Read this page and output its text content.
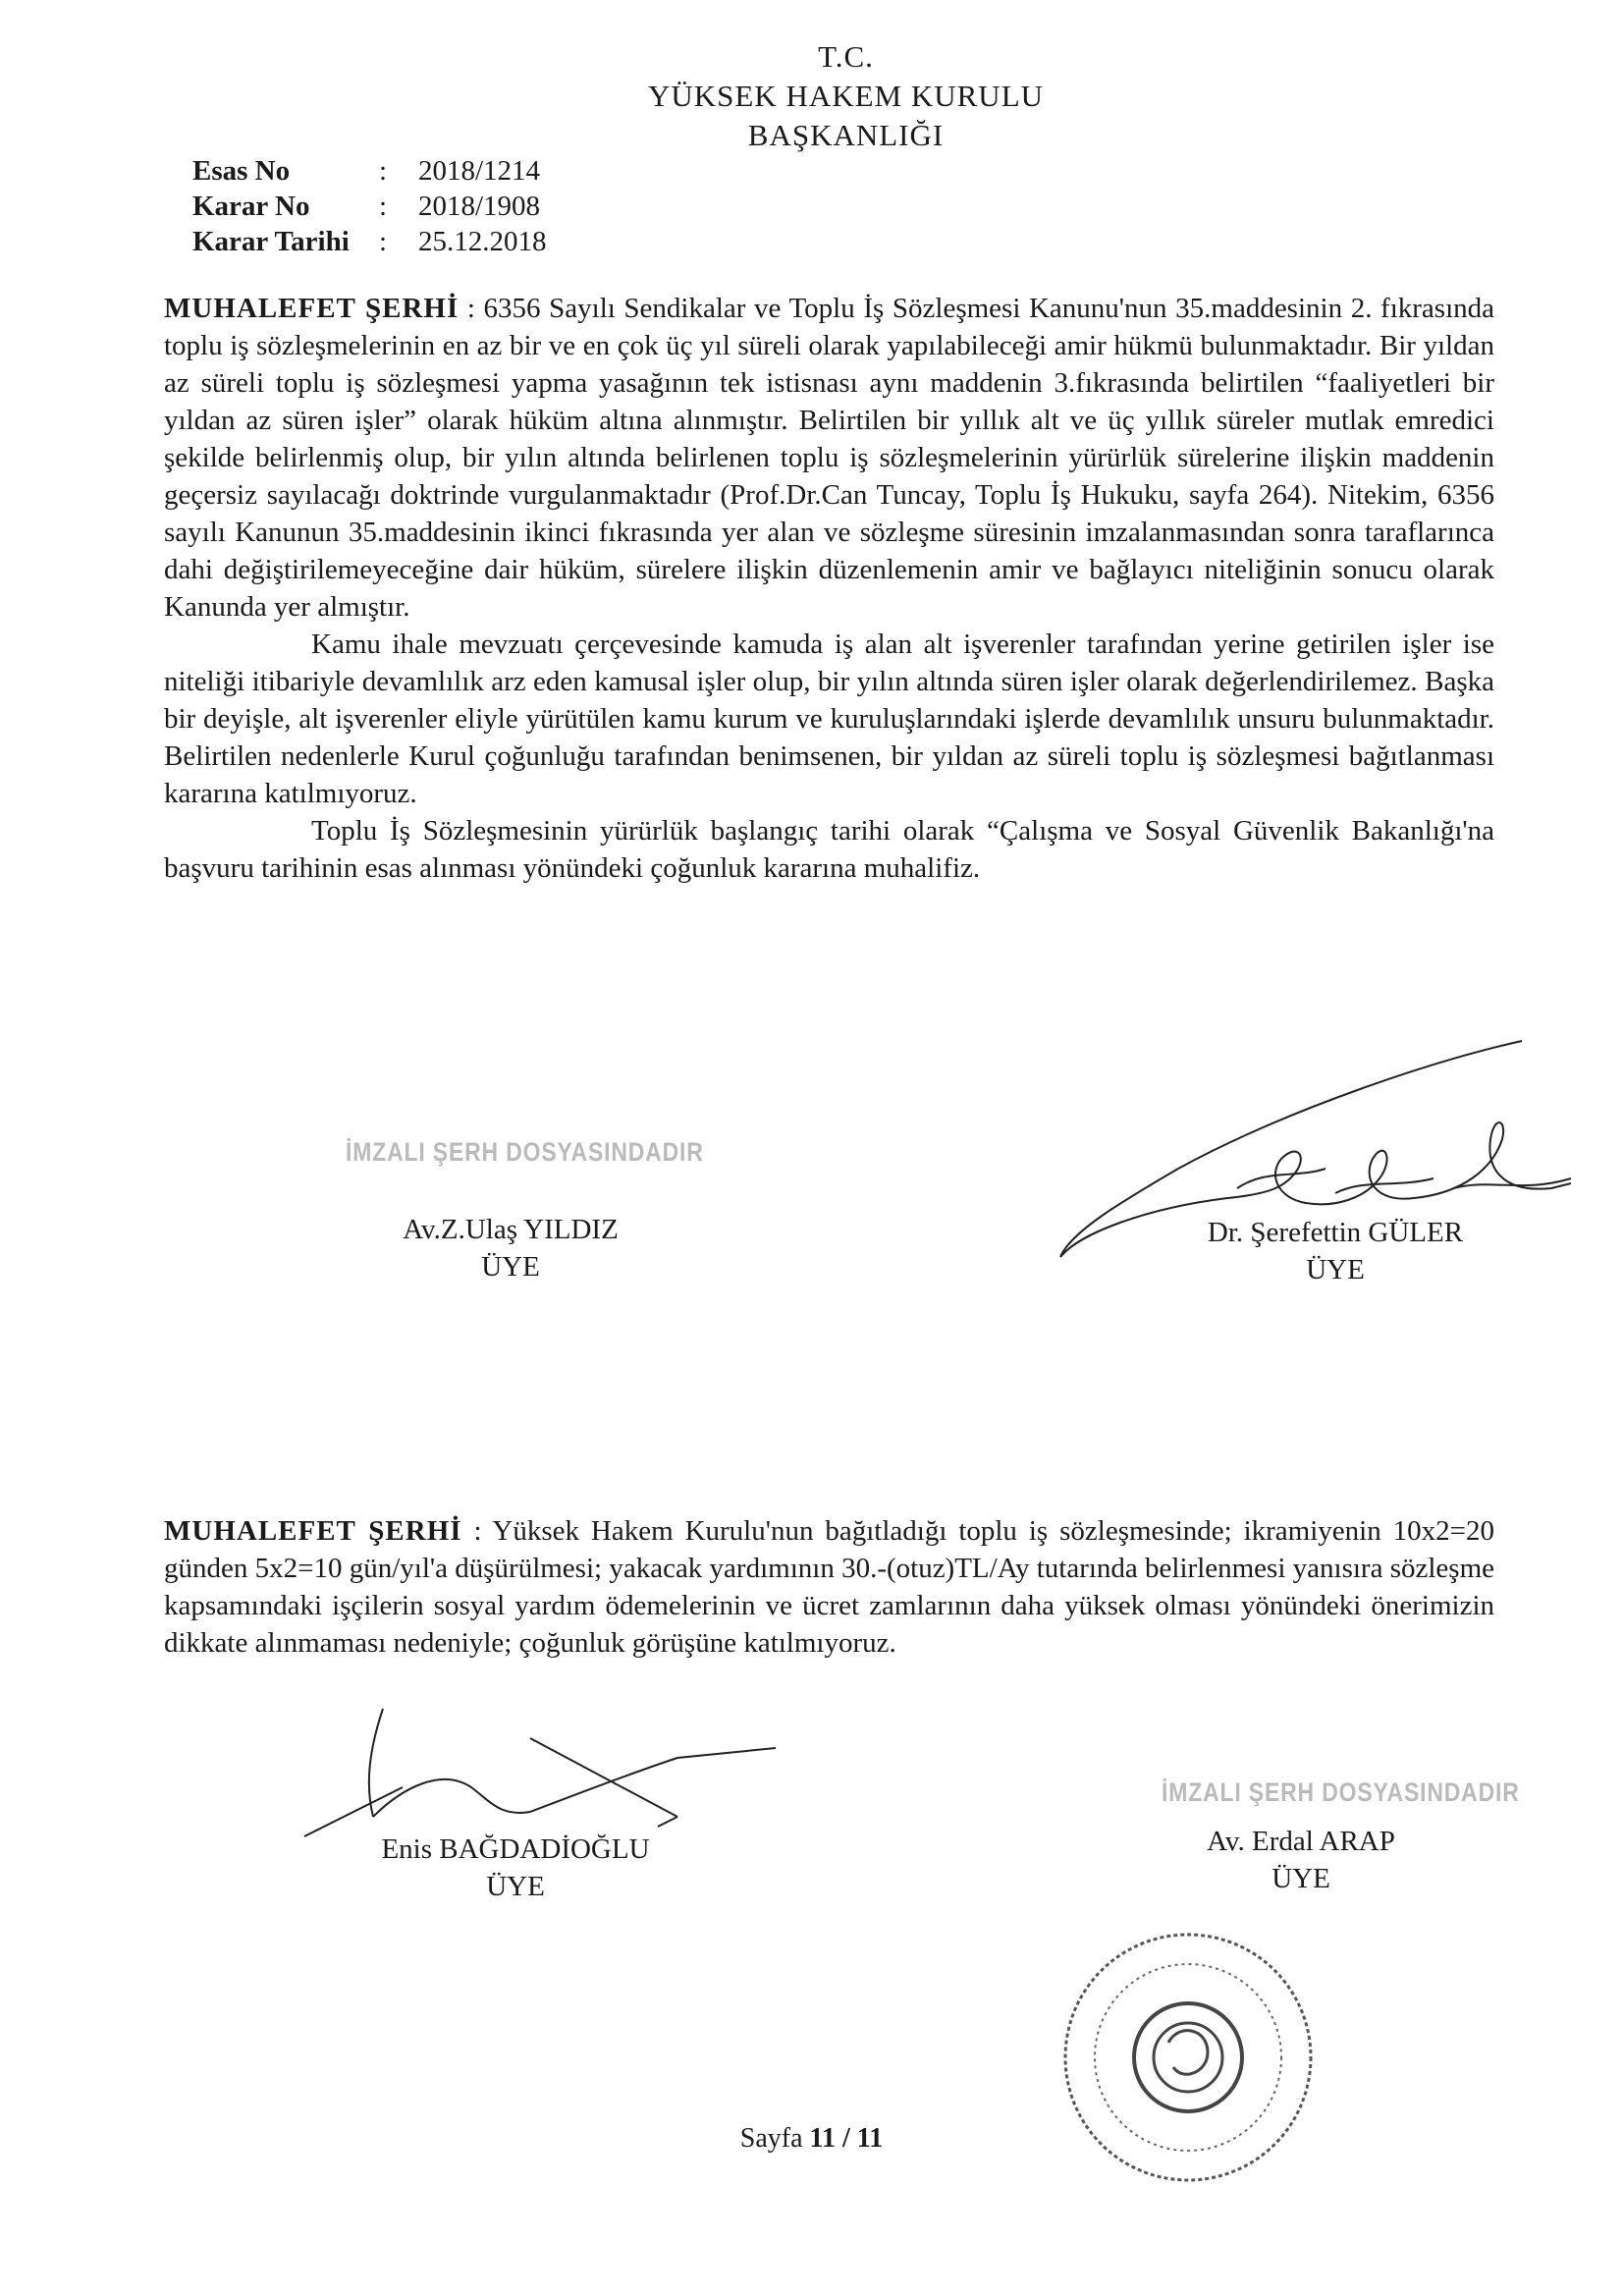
T.C.
YÜKSEK HAKEM KURULU
BAŞKANLIĞI
Esas No	:	2018/1214
Karar No	:	2018/1908
Karar Tarihi	:	25.12.2018

MUHALEFET ŞERHİ : 6356 Sayılı Sendikalar ve Toplu İş Sözleşmesi Kanunu'nun 35.maddesinin 2. fıkrasında toplu iş sözleşmelerinin en az bir ve en çok üç yıl süreli olarak yapılabileceği amir hükmü bulunmaktadır. Bir yıldan az süreli toplu iş sözleşmesi yapma yasağının tek istisnası aynı maddenin 3.fıkrasında belirtilen “faaliyetleri bir yıldan az süren işler” olarak hüküm altına alınmıştır. Belirtilen bir yıllık alt ve üç yıllık süreler mutlak emredici şekilde belirlenmiş olup, bir yılın altında belirlenen toplu iş sözleşmelerinin yürürlük sürelerine ilişkin maddenin geçersiz sayılacağı doktrinde vurgulanmaktadır (Prof.Dr.Can Tuncay, Toplu İş Hukuku, sayfa 264). Nitekim, 6356 sayılı Kanunun 35.maddesinin ikinci fıkrasında yer alan ve sözleşme süresinin imzalanmasından sonra taraflarınca dahi değiştirilemeyeceğine dair hüküm, sürelere ilişkin düzenlemenin amir ve bağlayıcı niteliğinin sonucu olarak Kanunda yer almıştır.

Kamu ihale mevzuatı çerçevesinde kamuda iş alan alt işverenler tarafından yerine getirilen işler ise niteliği itibariyle devamlılık arz eden kamusal işler olup, bir yılın altında süren işler olarak değerlendirilemez. Başka bir deyişle, alt işverenler eliyle yürütülen kamu kurum ve kuruluşlarındaki işlerde devamlılık unsuru bulunmaktadır. Belirtilen nedenlerle Kurul çoğunluğu tarafından benimsenen, bir yıldan az süreli toplu iş sözleşmesi bağıtlanması kararına katılmıyoruz.

Toplu İş Sözleşmesinin yürürlük başlangıç tarihi olarak “Çalışma ve Sosyal Güvenlik Bakanlığı'na başvuru tarihinin esas alınması yönündeki çoğunluk kararına muhalifiz.

İMZALI ŞERH DOSYASINDADIR
Av.Z.Ulaş YILDIZ
ÜYE
Dr. Şerefettin GÜLER
ÜYE

MUHALEFET ŞERHİ : Yüksek Hakem Kurulu'nun bağıtladığı toplu iş sözleşmesinde; ikramiyenin 10x2=20 günden 5x2=10 gün/yıl'a düşürülmesi; yakacak yardımının 30.-(otuz)TL/Ay tutarında belirlenmesi yanısıra sözleşme kapsamındaki işçilerin sosyal yardım ödemelerinin ve ücret zamlarının daha yüksek olması yönündeki önerimizin dikkate alınmaması nedeniyle; çoğunluk görüşüne katılmıyoruz.

Enis BAĞDADİOĞLU
ÜYE
İMZALI ŞERH DOSYASINDADIR
Av. Erdal ARAP
ÜYE
Sayfa 11 / 11
